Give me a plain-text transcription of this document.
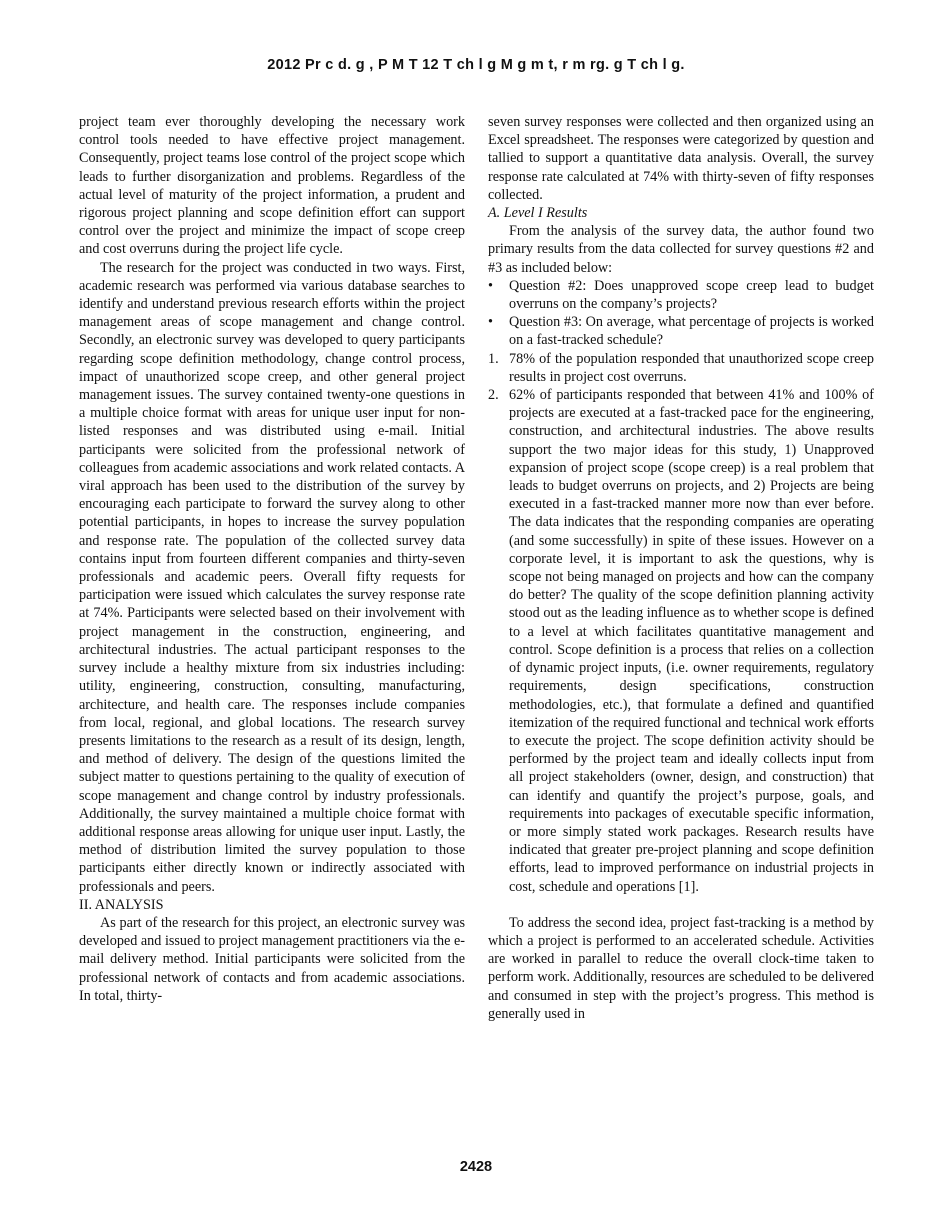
2012 Pr c d. g , P M T 12 T ch l g M g m t, r m rg. g T ch l g.

project team ever thoroughly developing the necessary work control tools needed to have effective project management. Consequently, project teams lose control of the project scope which leads to further disorganization and problems. Regardless of the actual level of maturity of the project information, a prudent and rigorous project planning and scope definition effort can support control over the project and minimize the impact of scope creep and cost overruns during the project life cycle.

The research for the project was conducted in two ways. First, academic research was performed via various database searches to identify and understand previous research efforts within the project management areas of scope management and change control. Secondly, an electronic survey was developed to query participants regarding scope definition methodology, change control process, impact of unauthorized scope creep, and other general project management issues. The survey contained twenty-one questions in a multiple choice format with areas for unique user input for non-listed responses and was distributed using e-mail. Initial participants were solicited from the professional network of colleagues from academic associations and work related contacts. A viral approach has been used to the distribution of the survey by encouraging each participate to forward the survey along to other potential participants, in hopes to increase the survey population and response rate. The population of the collected survey data contains input from fourteen different companies and thirty-seven professionals and academic peers. Overall fifty requests for participation were issued which calculates the survey response rate at 74%. Participants were selected based on their involvement with project management in the construction, engineering, and architectural industries. The actual participant responses to the survey include a healthy mixture from six industries including: utility, engineering, construction, consulting, manufacturing, architecture, and health care. The responses include companies from local, regional, and global locations. The research survey presents limitations to the research as a result of its design, length, and method of delivery. The design of the questions limited the subject matter to questions pertaining to the quality of execution of scope management and change control by industry professionals. Additionally, the survey maintained a multiple choice format with additional response areas allowing for unique user input. Lastly, the method of distribution limited the survey population to those participants either directly known or indirectly associated with professionals and peers.

II. ANALYSIS

As part of the research for this project, an electronic survey was developed and issued to project management practitioners via the e-mail delivery method. Initial participants were solicited from the professional network of contacts and from academic associations. In total, thirty-

seven survey responses were collected and then organized using an Excel spreadsheet. The responses were categorized by question and tallied to support a quantitative data analysis. Overall, the survey response rate calculated at 74% with thirty-seven of fifty responses collected.

A. Level I Results

From the analysis of the survey data, the author found two primary results from the data collected for survey questions #2 and #3 as included below:

• Question #2: Does unapproved scope creep lead to budget overruns on the company’s projects?
• Question #3: On average, what percentage of projects is worked on a fast-tracked schedule?
1. 78% of the population responded that unauthorized scope creep results in project cost overruns.
2. 62% of participants responded that between 41% and 100% of projects are executed at a fast-tracked pace for the engineering, construction, and architectural industries. The above results support the two major ideas for this study, 1) Unapproved expansion of project scope (scope creep) is a real problem that leads to budget overruns on projects, and 2) Projects are being executed in a fast-tracked manner more now than ever before. The data indicates that the responding companies are operating (and some successfully) in spite of these issues. However on a corporate level, it is important to ask the questions, why is scope not being managed on projects and how can the company do better? The quality of the scope definition planning activity stood out as the leading influence as to whether scope is defined to a level at which facilitates quantitative management and control. Scope definition is a process that relies on a collection of dynamic project inputs, (i.e. owner requirements, regulatory requirements, design specifications, construction methodologies, etc.), that formulate a defined and quantified itemization of the required functional and technical work efforts to execute the project. The scope definition activity should be performed by the project team and ideally collects input from all project stakeholders (owner, design, and construction) that can identify and quantify the project’s purpose, goals, and requirements into packages of executable specific information, or more simply stated work packages. Research results have indicated that greater pre-project planning and scope definition efforts, lead to improved performance on industrial projects in cost, schedule and operations [1].

To address the second idea, project fast-tracking is a method by which a project is performed to an accelerated schedule. Activities are worked in parallel to reduce the overall clock-time taken to perform work. Additionally, resources are scheduled to be delivered and consumed in step with the project’s progress. This method is generally used in

2428
